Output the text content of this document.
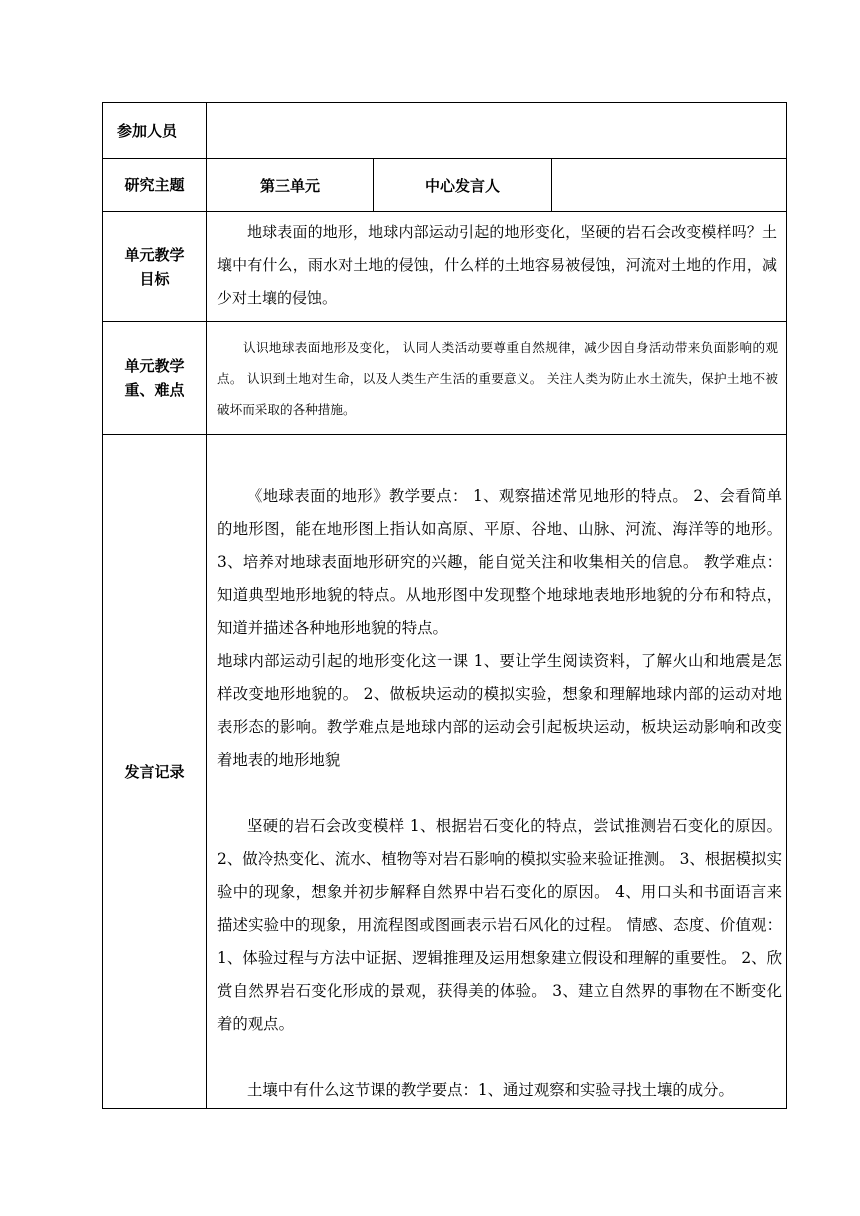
参加人员			
研究主题	第三单元	中心发言人	

单元教学
目标	地球表面的地形，地球内部运动引起的地形变化，坚硬的岩石会改变模样吗？土壤中有什么，雨水对土地的侵蚀，什么样的土地容易被侵蚀，河流对土地的作用，减少对土壤的侵蚀。		

单元教学
重、难点	认识地球表面地形及变化， 认同人类活动要尊重自然规律，减少因自身活动带来负面影响的观点。 认识到土地对生命，以及人类生产生活的重要意义。 关注人类为防止水土流失，保护土地不被破坏而采取的各种措施。		
发言记录	《地球表面的地形》教学要点： 1、观察描述常见地形的特点。 2、会看简单的地形图，能在地形图上指认如高原、平原、谷地、山脉、河流、海洋等的地形。 3、培养对地球表面地形研究的兴趣，能自觉关注和收集相关的信息。 教学难点：知道典型地形地貌的特点。从地形图中发现整个地球地表地形地貌的分布和特点，知道并描述各种地形地貌的特点。

地球内部运动引起的地形变化这一课 1、要让学生阅读资料，了解火山和地震是怎样改变地形地貌的。 2、做板块运动的模拟实验，想象和理解地球内部的运动对地表形态的影响。教学难点是地球内部的运动会引起板块运动，板块运动影响和改变着地表的地形地貌

坚硬的岩石会改变模样 1、根据岩石变化的特点，尝试推测岩石变化的原因。 2、做冷热变化、流水、植物等对岩石影响的模拟实验来验证推测。 3、根据模拟实验中的现象，想象并初步解释自然界中岩石变化的原因。 4、用口头和书面语言来描述实验中的现象，用流程图或图画表示岩石风化的过程。 情感、态度、价值观： 1、体验过程与方法中证据、逻辑推理及运用想象建立假设和理解的重要性。 2、欣赏自然界岩石变化形成的景观，获得美的体验。 3、建立自然界的事物在不断变化着的观点。

土壤中有什么这节课的教学要点：1、通过观察和实验寻找土壤的成分。		
